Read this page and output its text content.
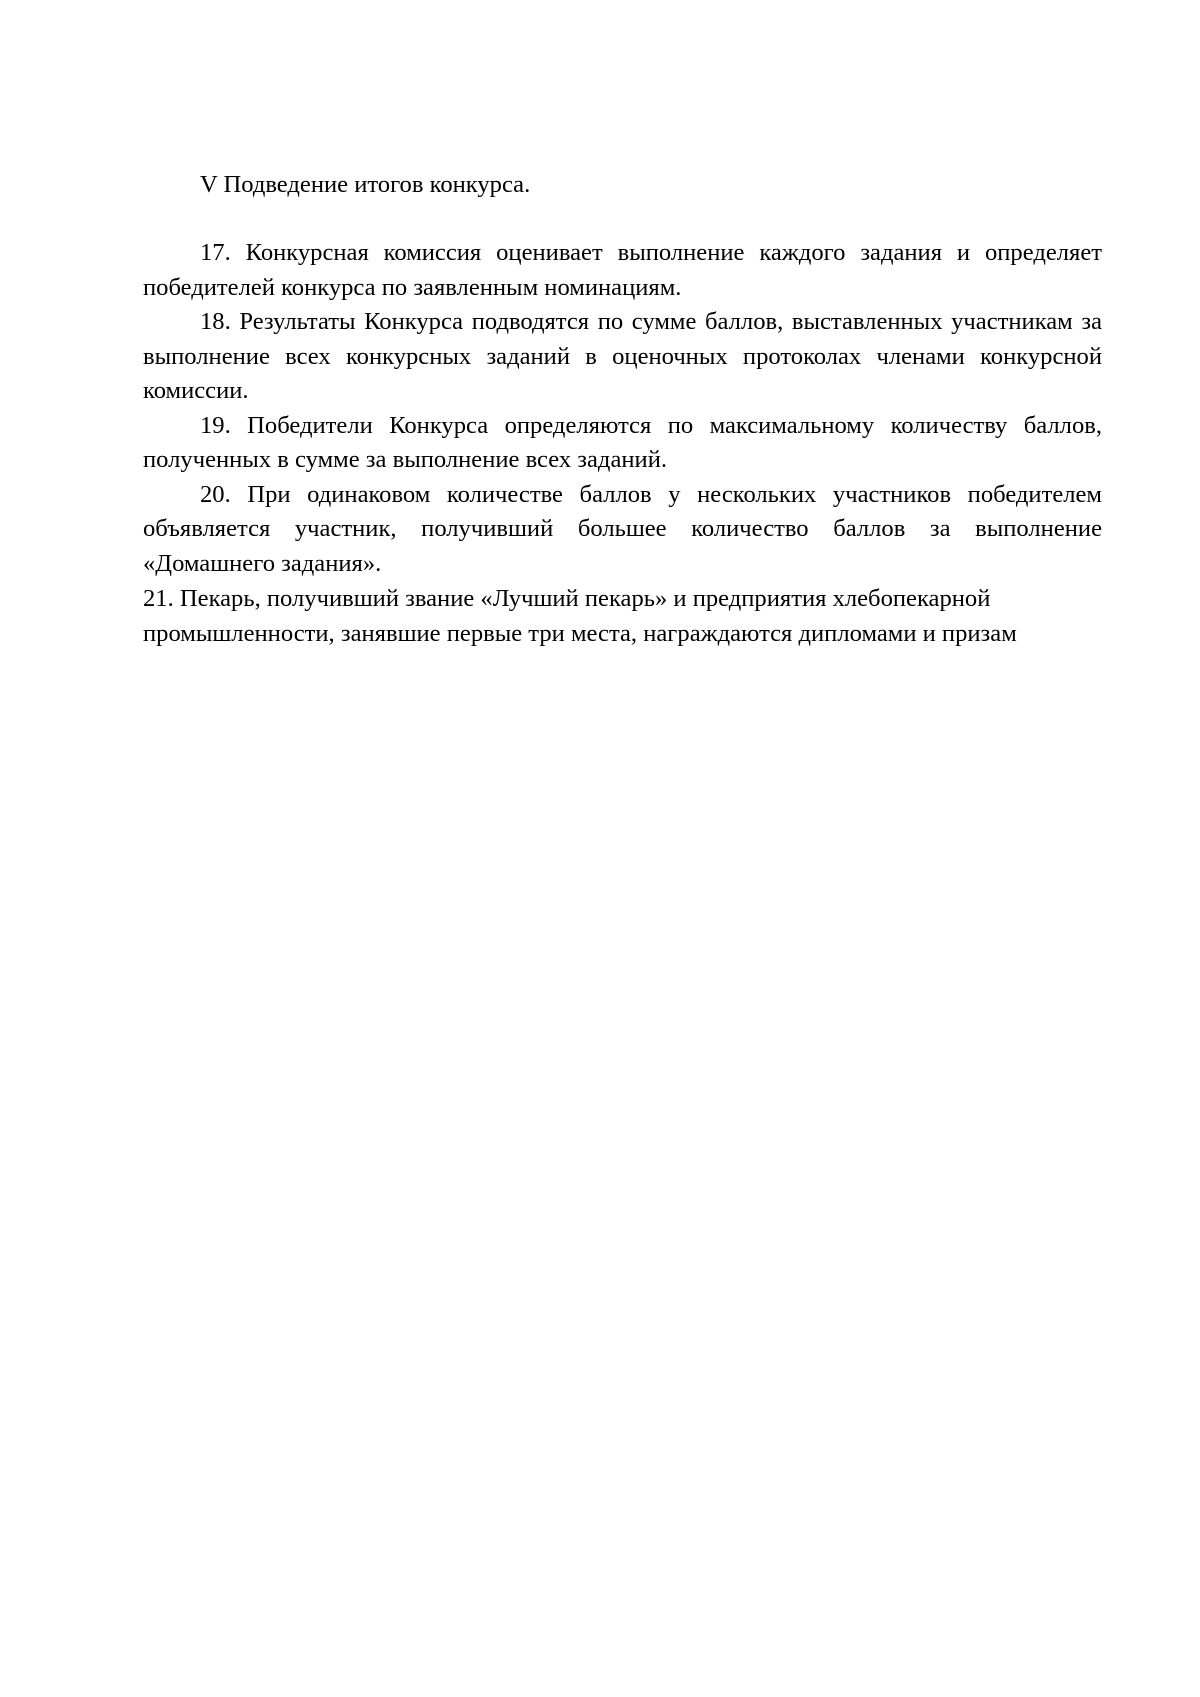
V Подведение итогов конкурса.

17. Конкурсная комиссия оценивает выполнение каждого задания и определяет победителей конкурса по заявленным номинациям.

18. Результаты Конкурса подводятся по сумме баллов, выставленных участникам за выполнение всех конкурсных заданий в оценочных протоколах членами конкурсной комиссии.

19. Победители Конкурса определяются по максимальному количеству баллов, полученных в сумме за выполнение всех заданий.

20. При одинаковом количестве баллов у нескольких участников победителем объявляется участник, получивший большее количество баллов за выполнение «Домашнего задания».

21. Пекарь, получивший звание «Лучший пекарь» и предприятия хлебопекарной промышленности, занявшие первые три места, награждаются дипломами и призам
